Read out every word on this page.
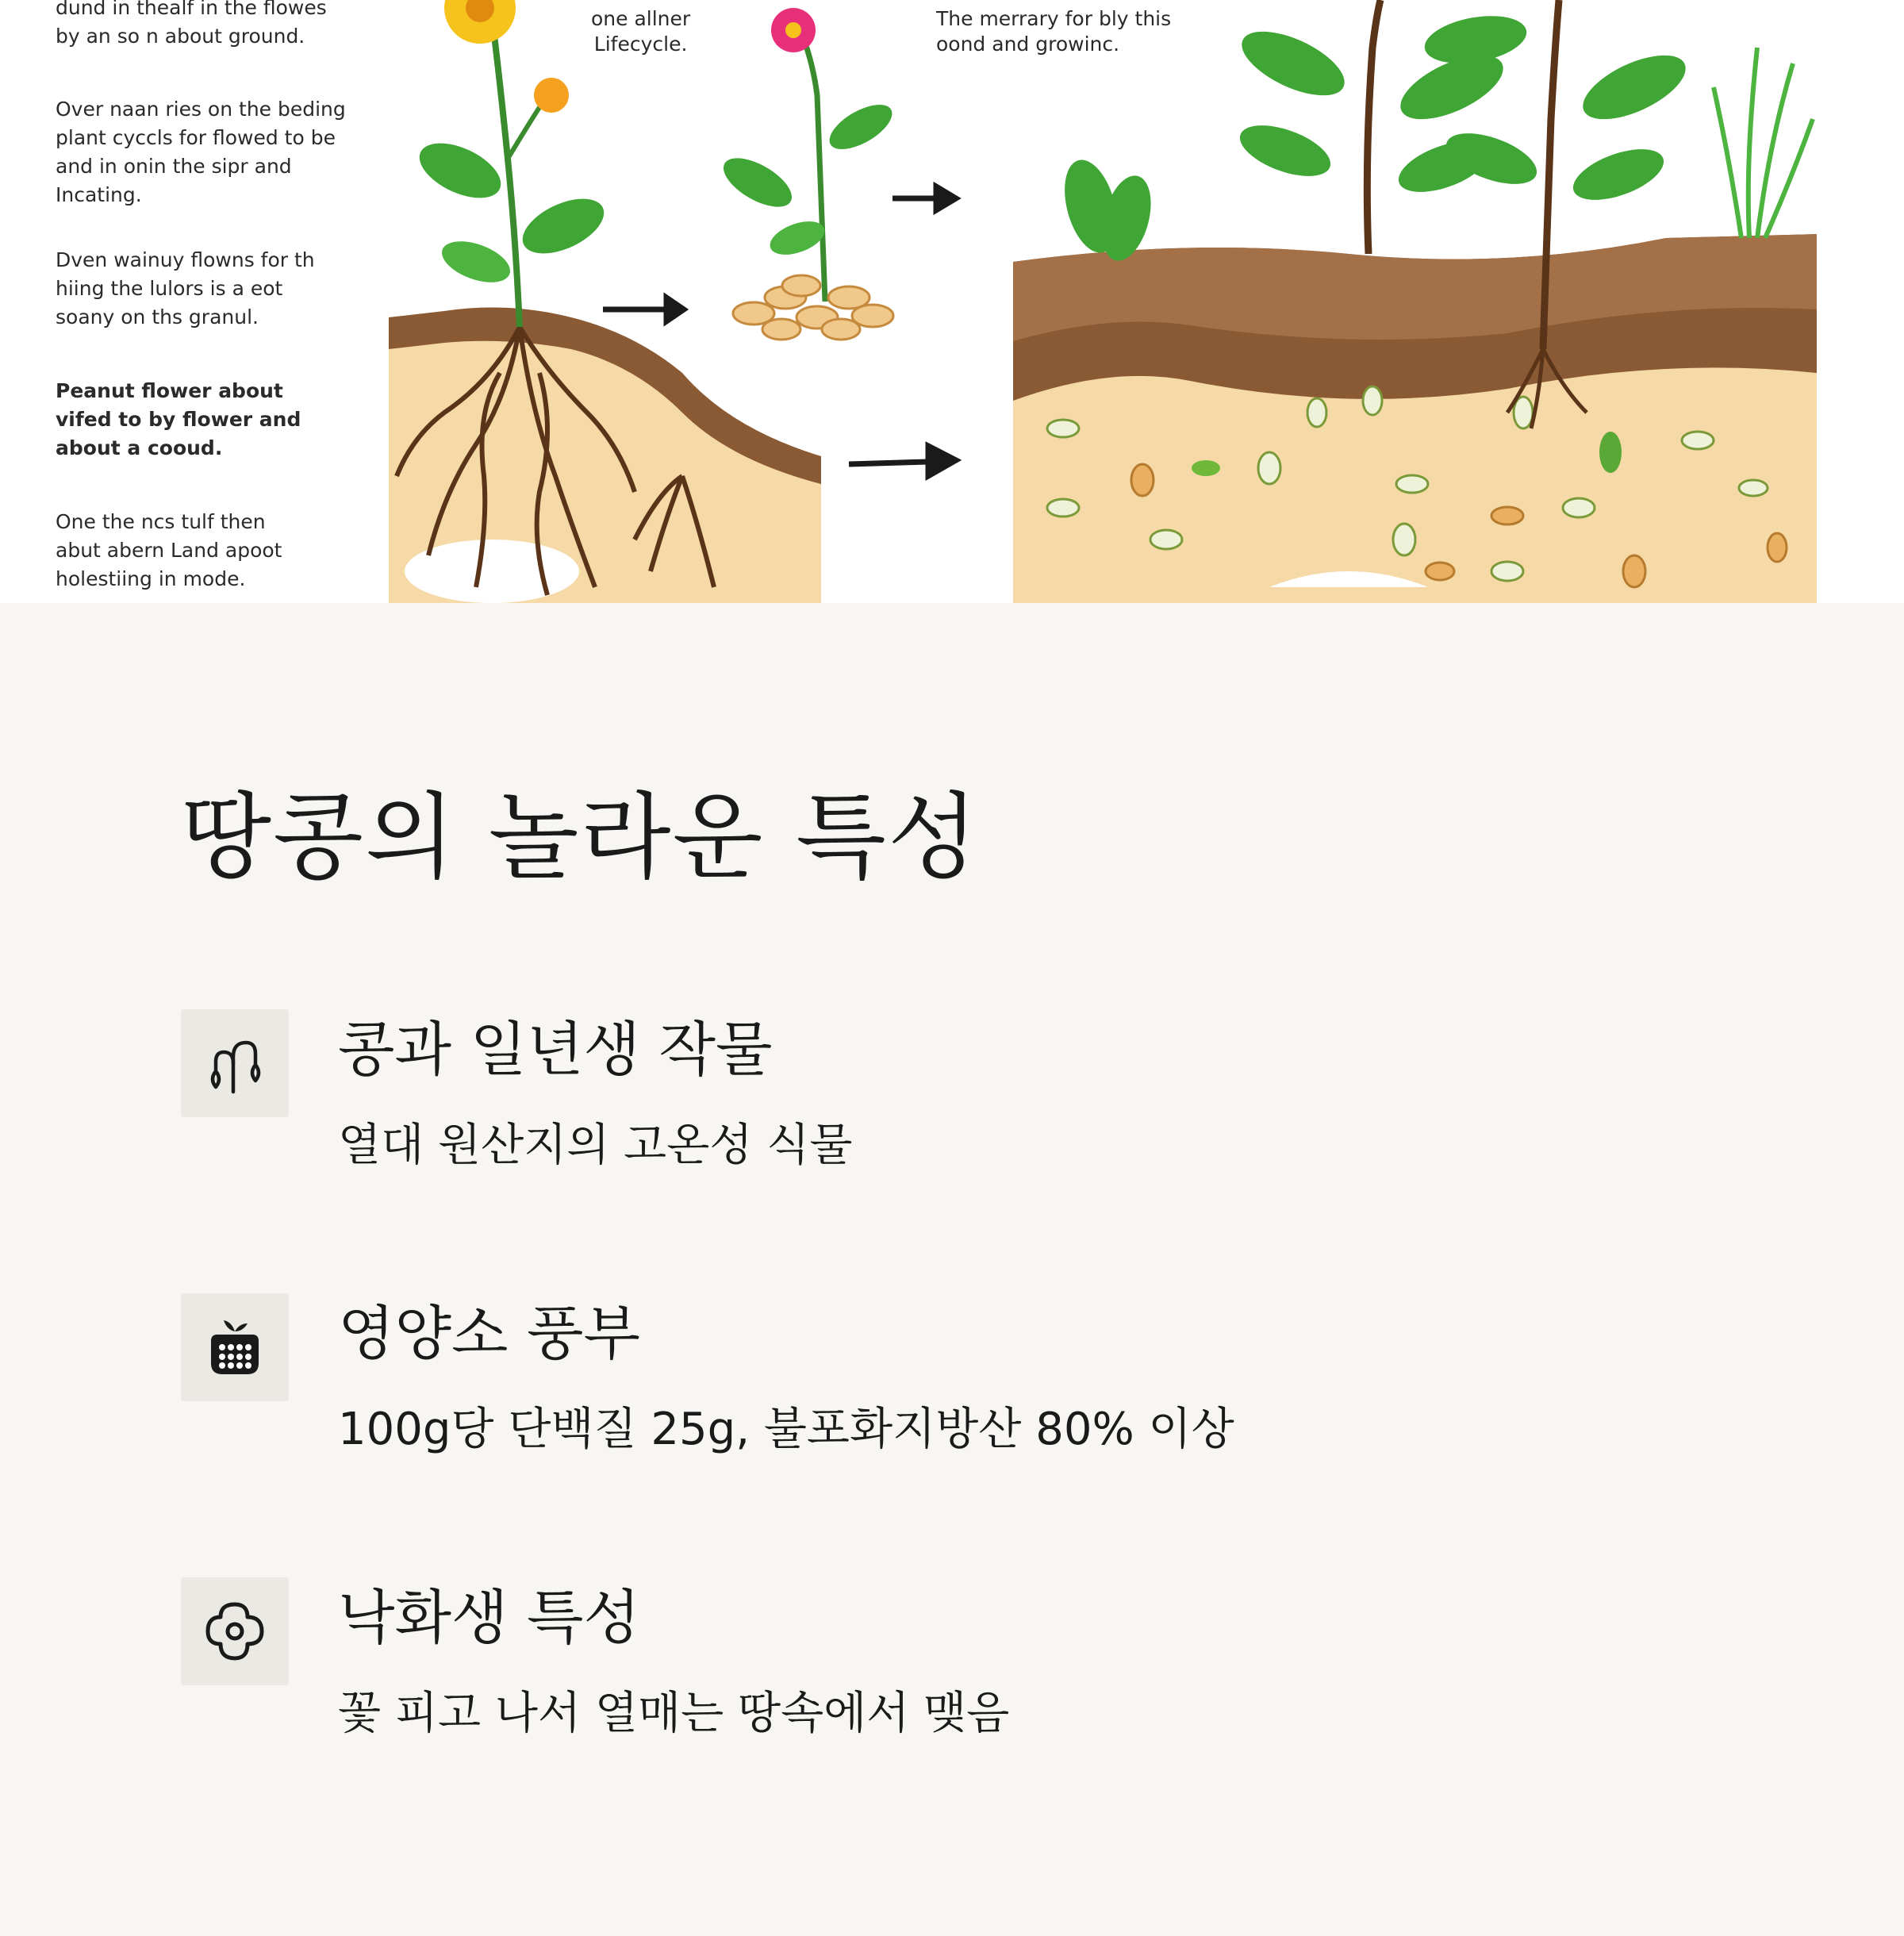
one allner
Lifecycle.
The merrary for bly this
oond and growinc.

dund in thealf in the flowes
by an so n about ground.

Over naan ries on the beding
plant cyccls for flowed to be
and in onin the sipr and
Incating.

Dven wainuy flowns for th
hiing the lulors is a eot
soany on ths granul.

Peanut flower about
vifed to by flower and
about a cooud.

One the ncs tulf then
abut abern Land apoot
holestiing in mode.

땅콩의 놀라운 특성
콩과 일년생 작물

열대 원산지의 고온성 식물

영양소 풍부

100g당 단백질 25g, 불포화지방산 80% 이상

낙화생 특성

꽃 피고 나서 열매는 땅속에서 맺음
